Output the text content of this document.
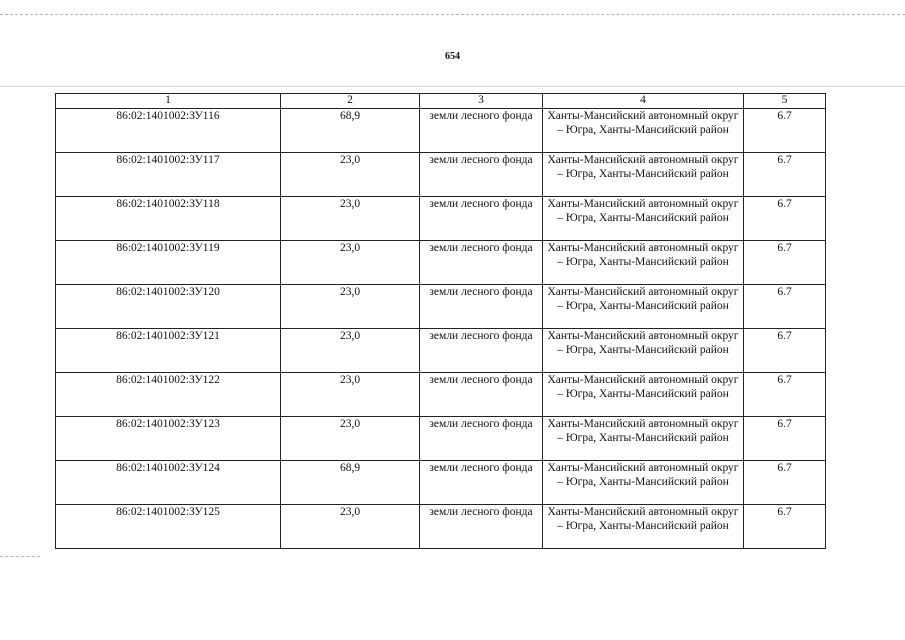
654
1	2	3	4	5
86:02:1401002:ЗУ116	68,9	земли лесного фонда	Ханты-Мансийский автономный округ – Югра, Ханты-Мансийский район	6.7
86:02:1401002:ЗУ117	23,0	земли лесного фонда	Ханты-Мансийский автономный округ – Югра, Ханты-Мансийский район	6.7
86:02:1401002:ЗУ118	23,0	земли лесного фонда	Ханты-Мансийский автономный округ – Югра, Ханты-Мансийский район	6.7
86:02:1401002:ЗУ119	23,0	земли лесного фонда	Ханты-Мансийский автономный округ – Югра, Ханты-Мансийский район	6.7
86:02:1401002:ЗУ120	23,0	земли лесного фонда	Ханты-Мансийский автономный округ – Югра, Ханты-Мансийский район	6.7
86:02:1401002:ЗУ121	23,0	земли лесного фонда	Ханты-Мансийский автономный округ – Югра, Ханты-Мансийский район	6.7
86:02:1401002:ЗУ122	23,0	земли лесного фонда	Ханты-Мансийский автономный округ – Югра, Ханты-Мансийский район	6.7
86:02:1401002:ЗУ123	23,0	земли лесного фонда	Ханты-Мансийский автономный округ – Югра, Ханты-Мансийский район	6.7
86:02:1401002:ЗУ124	68,9	земли лесного фонда	Ханты-Мансийский автономный округ – Югра, Ханты-Мансийский район	6.7
86:02:1401002:ЗУ125	23,0	земли лесного фонда	Ханты-Мансийский автономный округ – Югра, Ханты-Мансийский район	6.7
